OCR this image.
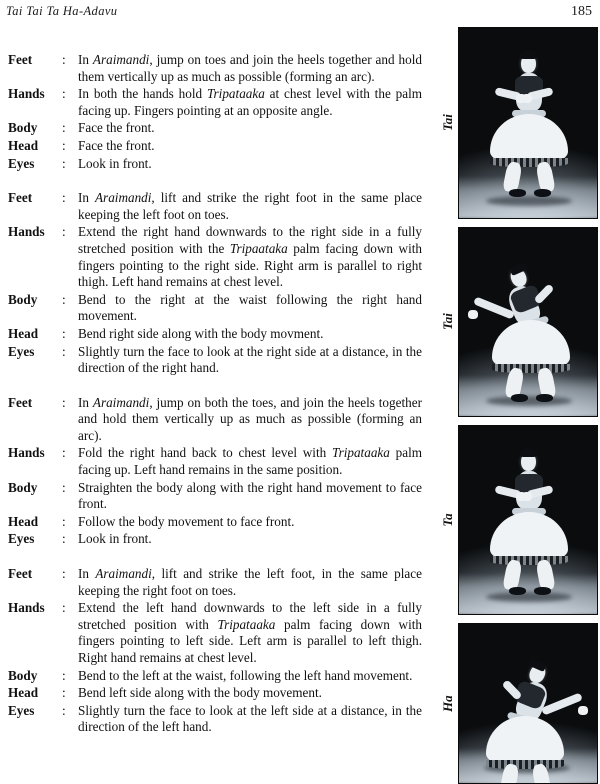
Tai Tai Ta Ha-Adavu	185
Feet	: In Araimandi, jump on toes and join the heels together and hold them vertically up as much as possible (forming an arc).
Hands	: In both the hands hold Tripataaka at chest level with the palm facing up. Fingers pointing at an opposite angle.
Body	: Face the front.
Head	: Face the front.
Eyes	: Look in front.
Feet	: In Araimandi, lift and strike the right foot in the same place keeping the left foot on toes.
Hands	: Extend the right hand downwards to the right side in a fully stretched position with the Tripaataka palm facing down with fingers pointing to the right side. Right arm is parallel to right thigh. Left hand remains at chest level.
Body	: Bend to the right at the waist following the right hand movement.
Head	: Bend right side along with the body movment.
Eyes	: Slightly turn the face to look at the right side at a distance, in the direction of the right hand.
Feet	: In Araimandi, jump on both the toes, and join the heels together and hold them vertically up as much as possible (forming an arc).
Hands	: Fold the right hand back to chest level with Tripataaka palm facing up. Left hand remains in the same position.
Body	: Straighten the body along with the right hand movement to face front.
Head	: Follow the body movement to face front.
Eyes	: Look in front.
Feet	: In Araimandi, lift and strike the left foot, in the same place keeping the right foot on toes.
Hands	: Extend the left hand downwards to the left side in a fully stretched position with Tripataaka palm facing down with fingers pointing to left side. Left arm is parallel to left thigh. Right hand remains at chest level.
Body	: Bend to the left at the waist, following the left hand movement.
Head	: Bend left side along with the body movement.
Eyes	: Slightly turn the face to look at the left side at a distance, in the direction of the left hand.
Tai
Tai
Ta
Ha
